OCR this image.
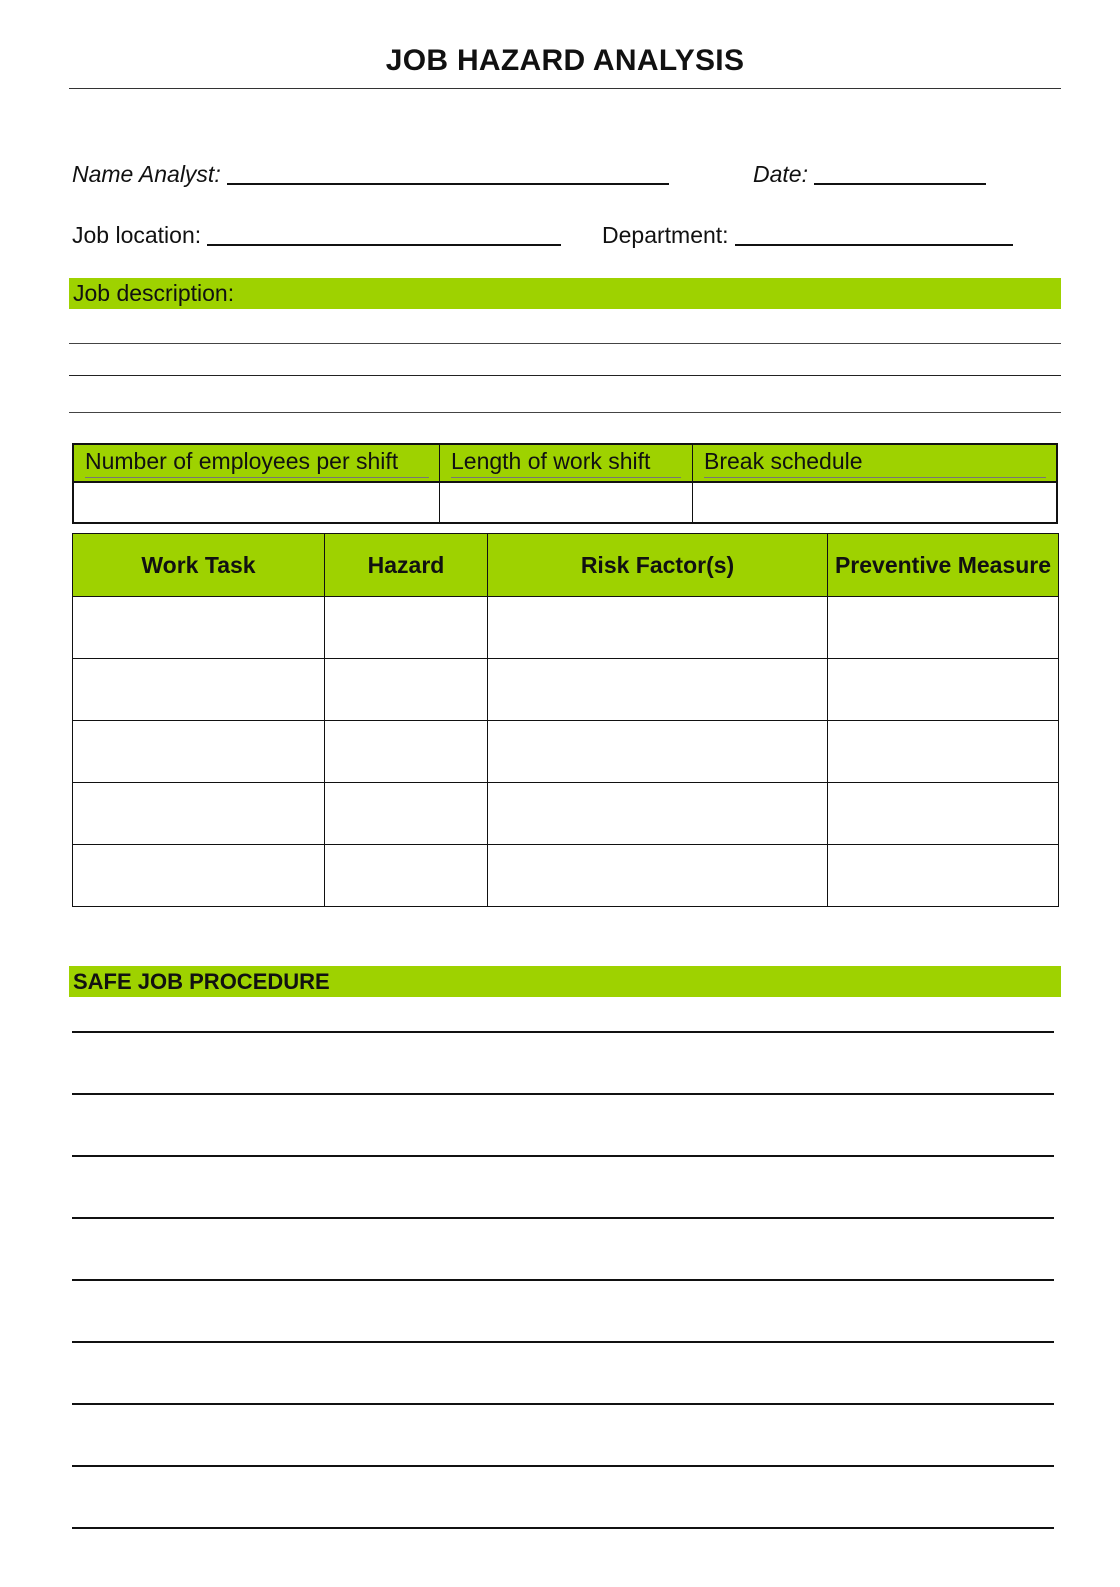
JOB HAZARD ANALYSIS
Name Analyst:	Date:
Job location:	Department:
Job description:
Number of employees per shift	Length of work shift	Break schedule
Work Task	Hazard	Risk Factor(s)	Preventive Measure

SAFE JOB PROCEDURE
